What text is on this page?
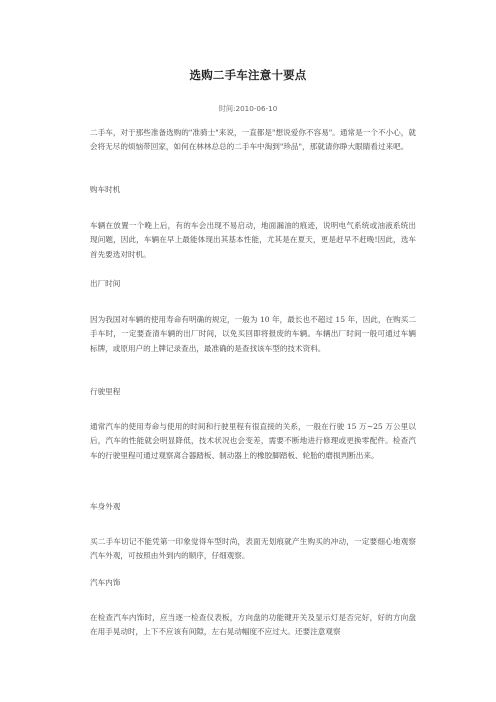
选购二手车注意十要点
时间:2010-06-10
二手车，对于那些准备选购的"准骑士"来说，一直都是"想说爱你不容易"。通常是一个不小心，就会将无尽的烦恼带回家，如何在林林总总的二手车中淘到"珍品"，那就请你睁大眼睛看过来吧。
购车时机
车辆在放置一个晚上后，有的车会出现不易启动，地面漏油的痕迹，说明电气系统或油液系统出现问题，因此，车辆在早上最能体现出其基本性能，尤其是在夏天，更是赶早不赶晚!因此，选车首先要选对时机。
出厂时间
因为我国对车辆的使用寿命有明确的规定，一般为 10 年，最长也不超过 15 年，因此，在购买二手车时，一定要查清车辆的出厂时间，以免买回即将报废的车辆。车辆出厂时间一般可通过车辆标牌，或原用户的上牌记录查出，最准确的是查找该车型的技术资料。
行驶里程
通常汽车的使用寿命与使用的时间和行驶里程有很直接的关系，一般在行驶 15 万~25 万公里以后，汽车的性能就会明显降低，技术状况也会变差，需要不断地进行修理或更换零配件。检查汽车的行驶里程可通过观察离合器踏板、制动器上的橡胶脚踏板、轮胎的磨损判断出来。
车身外观
买二手车切记不能凭第一印象觉得车型时尚，表面无划痕就产生购买的冲动，一定要细心地观察汽车外观，可按照由外到内的顺序，仔细观察。
汽车内饰
在检查汽车内饰时，应当逐一检查仪表板，方向盘的功能键开关及显示灯是否完好，好的方向盘在用手晃动时，上下不应该有间隙，左右晃动幅度不应过大。还要注意观察
